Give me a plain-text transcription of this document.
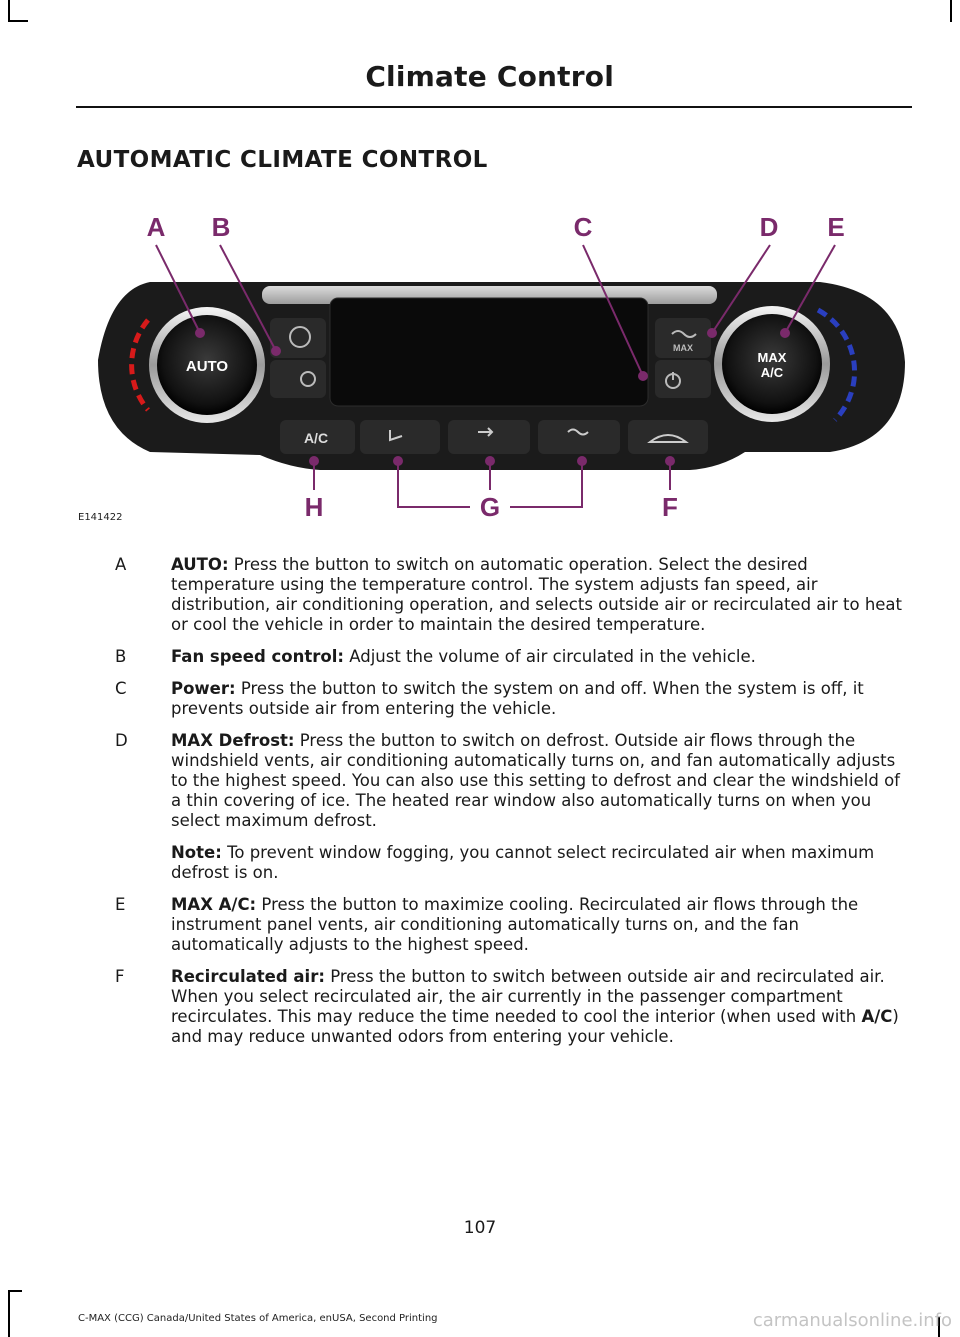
Climate Control
AUTOMATIC CLIMATE CONTROL
AUTO
MAX
A/C
MAX
A/C
A B	C	D E
H	G	F
E141422
A	AUTO: Press the button to switch on automatic operation. Select the desired temperature using the temperature control. The system adjusts fan speed, air distribution, air conditioning operation, and selects outside air or recirculated air to heat or cool the vehicle in order to maintain the desired temperature.
B	Fan speed control: Adjust the volume of air circulated in the vehicle.
C	Power: Press the button to switch the system on and off. When the system is off, it prevents outside air from entering the vehicle.
D	MAX Defrost: Press the button to switch on defrost. Outside air flows through the windshield vents, air conditioning automatically turns on, and fan automatically adjusts to the highest speed. You can also use this setting to defrost and clear the windshield of a thin covering of ice. The heated rear window also automatically turns on when you select maximum defrost.
Note: To prevent window fogging, you cannot select recirculated air when maximum defrost is on.
E	MAX A/C: Press the button to maximize cooling. Recirculated air flows through the instrument panel vents, air conditioning automatically turns on, and the fan automatically adjusts to the highest speed.
F	Recirculated air: Press the button to switch between outside air and recirculated air. When you select recirculated air, the air currently in the passenger compartment recirculates. This may reduce the time needed to cool the interior (when used with A/C) and may reduce unwanted odors from entering your vehicle.
107
C-MAX (CCG) Canada/United States of America, enUSA, Second Printing	carmanualsonline.info
